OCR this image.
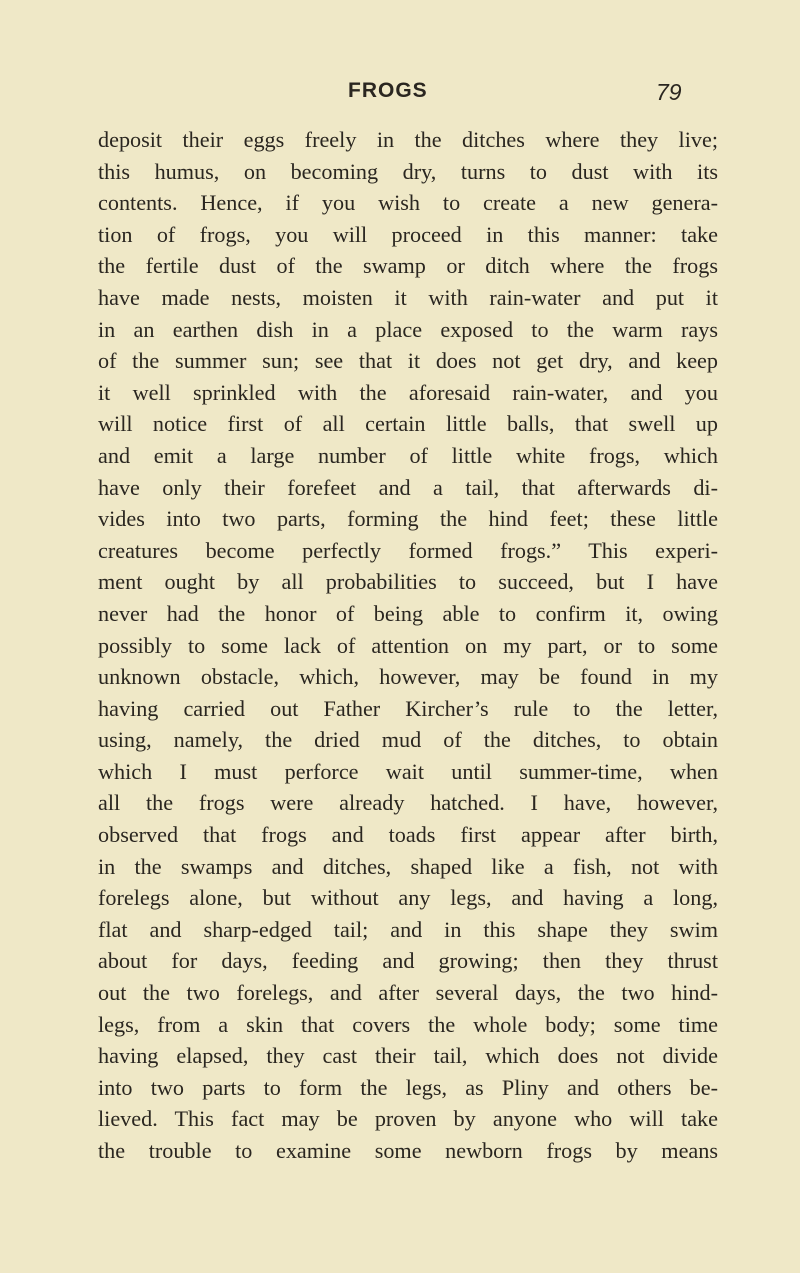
FROGS	79
deposit their eggs freely in the ditches where they live;
this humus, on becoming dry, turns to dust with its
contents. Hence, if you wish to create a new genera-
tion of frogs, you will proceed in this manner: take
the fertile dust of the swamp or ditch where the frogs
have made nests, moisten it with rain-water and put it
in an earthen dish in a place exposed to the warm rays
of the summer sun; see that it does not get dry, and keep
it well sprinkled with the aforesaid rain-water, and you
will notice first of all certain little balls, that swell up
and emit a large number of little white frogs, which
have only their forefeet and a tail, that afterwards di-
vides into two parts, forming the hind feet; these little
creatures become perfectly formed frogs.” This experi-
ment ought by all probabilities to succeed, but I have
never had the honor of being able to confirm it, owing
possibly to some lack of attention on my part, or to some
unknown obstacle, which, however, may be found in my
having carried out Father Kircher’s rule to the letter,
using, namely, the dried mud of the ditches, to obtain
which I must perforce wait until summer-time, when
all the frogs were already hatched. I have, however,
observed that frogs and toads first appear after birth,
in the swamps and ditches, shaped like a fish, not with
forelegs alone, but without any legs, and having a long,
flat and sharp-edged tail; and in this shape they swim
about for days, feeding and growing; then they thrust
out the two forelegs, and after several days, the two hind-
legs, from a skin that covers the whole body; some time
having elapsed, they cast their tail, which does not divide
into two parts to form the legs, as Pliny and others be-
lieved. This fact may be proven by anyone who will take
the trouble to examine some newborn frogs by means
